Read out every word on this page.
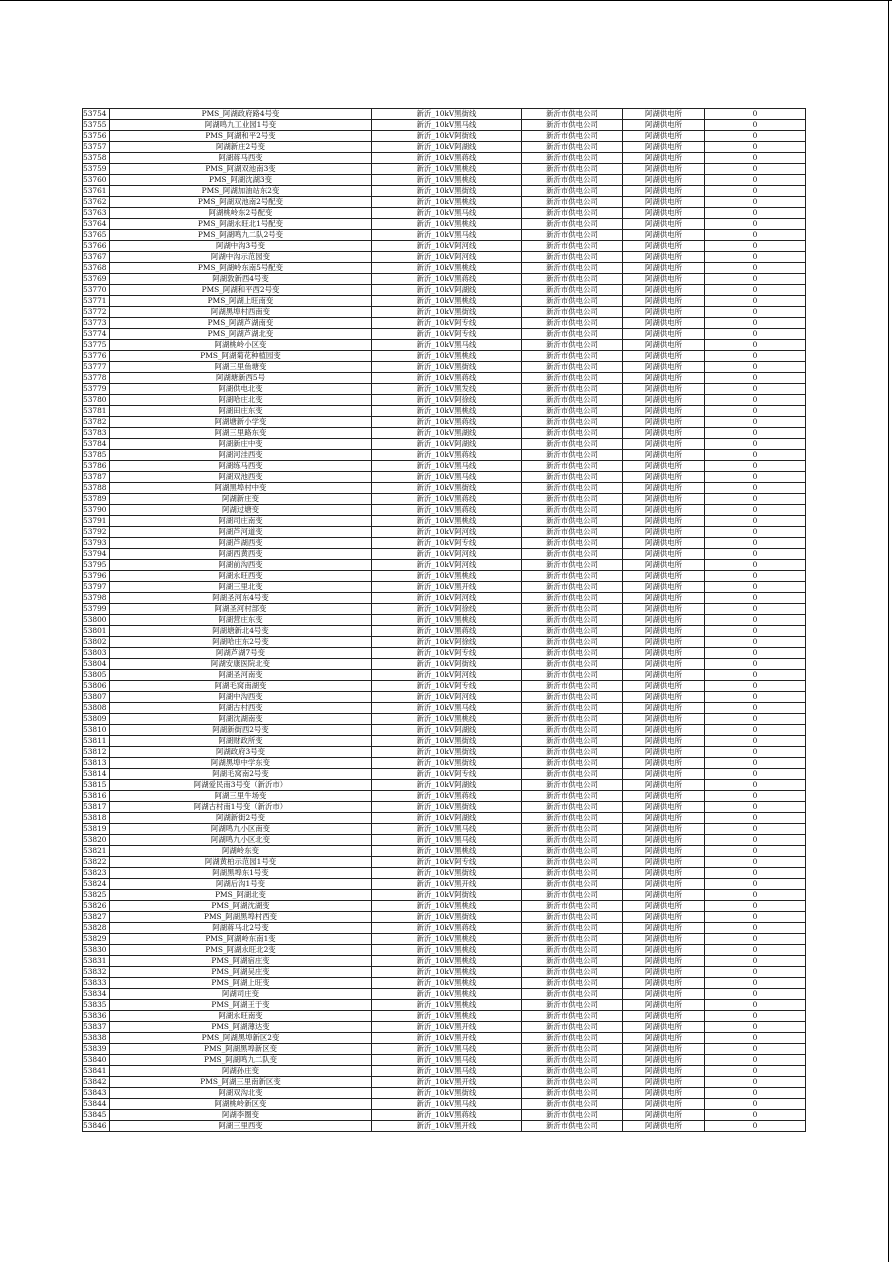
53754	PMS_阿湖政府路4号变	新沂_10kV黑街线	新沂市供电公司	阿湖供电所	0
53755	阿湖鸣九工业园1号变	新沂_10kV黑马线	新沂市供电公司	阿湖供电所	0
53756	PMS_阿湖和平2号变	新沂_10kV阿街线	新沂市供电公司	阿湖供电所	0
53757	阿湖新庄2号变	新沂_10kV阿湖线	新沂市供电公司	阿湖供电所	0
53758	阿湖蒋马西变	新沂_10kV黑蒋线	新沂市供电公司	阿湖供电所	0
53759	PMS_阿湖双池南3变	新沂_10kV黑桃线	新沂市供电公司	阿湖供电所	0
53760	PMS_阿湖沈湖3变	新沂_10kV黑桃线	新沂市供电公司	阿湖供电所	0
53761	PMS_阿湖加油站东2变	新沂_10kV黑街线	新沂市供电公司	阿湖供电所	0
53762	PMS_阿湖双池南2号配变	新沂_10kV黑桃线	新沂市供电公司	阿湖供电所	0
53763	阿湖桃岭东2号配变	新沂_10kV黑马线	新沂市供电公司	阿湖供电所	0
53764	PMS_阿湖永旺北1号配变	新沂_10kV黑桃线	新沂市供电公司	阿湖供电所	0
53765	PMS_阿湖鸣九二队2号变	新沂_10kV黑马线	新沂市供电公司	阿湖供电所	0
53766	阿湖中沟3号变	新沂_10kV阿河线	新沂市供电公司	阿湖供电所	0
53767	阿湖中沟示范园变	新沂_10kV阿河线	新沂市供电公司	阿湖供电所	0
53768	PMS_阿湖岭东南5号配变	新沂_10kV黑桃线	新沂市供电公司	阿湖供电所	0
53769	阿湖敦新西4号变	新沂_10kV黑蒋线	新沂市供电公司	阿湖供电所	0
53770	PMS_阿湖和平西2号变	新沂_10kV阿湖线	新沂市供电公司	阿湖供电所	0
53771	PMS_阿湖上旺南变	新沂_10kV黑桃线	新沂市供电公司	阿湖供电所	0
53772	阿湖黑埠村西南变	新沂_10kV黑街线	新沂市供电公司	阿湖供电所	0
53773	PMS_阿湖芦湖南变	新沂_10kV阿专线	新沂市供电公司	阿湖供电所	0
53774	PMS_阿湖芦湖北变	新沂_10kV阿专线	新沂市供电公司	阿湖供电所	0
53775	阿湖桃岭小区变	新沂_10kV黑马线	新沂市供电公司	阿湖供电所	0
53776	PMS_阿湖菊花种植园变	新沂_10kV黑桃线	新沂市供电公司	阿湖供电所	0
53777	阿湖三里鱼塘变	新沂_10kV黑街线	新沂市供电公司	阿湖供电所	0
53778	阿湖塘新西5号	新沂_10kV黑蒋线	新沂市供电公司	阿湖供电所	0
53779	阿湖供电北变	新沂_10kV黑发线	新沂市供电公司	阿湖供电所	0
53780	阿湖哈庄北变	新沂_10kV阿徐线	新沂市供电公司	阿湖供电所	0
53781	阿湖田庄东变	新沂_10kV黑桃线	新沂市供电公司	阿湖供电所	0
53782	阿湖塘新小学变	新沂_10kV黑蒋线	新沂市供电公司	阿湖供电所	0
53783	阿湖三里路东变	新沂_10kV黑湖线	新沂市供电公司	阿湖供电所	0
53784	阿湖新庄中变	新沂_10kV阿湖线	新沂市供电公司	阿湖供电所	0
53785	阿湖河洼西变	新沂_10kV黑蒋线	新沂市供电公司	阿湖供电所	0
53786	阿湖练马西变	新沂_10kV黑马线	新沂市供电公司	阿湖供电所	0
53787	阿湖双池西变	新沂_10kV黑马线	新沂市供电公司	阿湖供电所	0
53788	阿湖黑埠村中变	新沂_10kV黑街线	新沂市供电公司	阿湖供电所	0
53789	阿湖新庄变	新沂_10kV黑蒋线	新沂市供电公司	阿湖供电所	0
53790	阿湖过塘变	新沂_10kV黑蒋线	新沂市供电公司	阿湖供电所	0
53791	阿湖司庄南变	新沂_10kV黑桃线	新沂市供电公司	阿湖供电所	0
53792	阿湖芦河道变	新沂_10kV阿河线	新沂市供电公司	阿湖供电所	0
53793	阿湖芦湖西变	新沂_10kV阿专线	新沂市供电公司	阿湖供电所	0
53794	阿湖西黄西变	新沂_10kV阿河线	新沂市供电公司	阿湖供电所	0
53795	阿湖前沟西变	新沂_10kV阿河线	新沂市供电公司	阿湖供电所	0
53796	阿湖永旺西变	新沂_10kV黑桃线	新沂市供电公司	阿湖供电所	0
53797	阿湖三里北变	新沂_10kV黑开线	新沂市供电公司	阿湖供电所	0
53798	阿湖圣河东4号变	新沂_10kV阿河线	新沂市供电公司	阿湖供电所	0
53799	阿湖圣河村部变	新沂_10kV阿徐线	新沂市供电公司	阿湖供电所	0
53800	阿湖营庄东变	新沂_10kV黑桃线	新沂市供电公司	阿湖供电所	0
53801	阿湖塘新北4号变	新沂_10kV黑蒋线	新沂市供电公司	阿湖供电所	0
53802	阿湖哈庄东2号变	新沂_10kV阿徐线	新沂市供电公司	阿湖供电所	0
53803	阿湖芦湖7号变	新沂_10kV阿专线	新沂市供电公司	阿湖供电所	0
53804	阿湖安康医院北变	新沂_10kV阿街线	新沂市供电公司	阿湖供电所	0
53805	阿湖圣河南变	新沂_10kV阿河线	新沂市供电公司	阿湖供电所	0
53806	阿湖毛窝南湖变	新沂_10kV阿专线	新沂市供电公司	阿湖供电所	0
53807	阿湖中沟西变	新沂_10kV阿河线	新沂市供电公司	阿湖供电所	0
53808	阿湖古村西变	新沂_10kV黑马线	新沂市供电公司	阿湖供电所	0
53809	阿湖沈湖南变	新沂_10kV黑桃线	新沂市供电公司	阿湖供电所	0
53810	阿湖新街西2号变	新沂_10kV阿湖线	新沂市供电公司	阿湖供电所	0
53811	阿湖财政所变	新沂_10kV黑街线	新沂市供电公司	阿湖供电所	0
53812	阿湖政府3号变	新沂_10kV黑街线	新沂市供电公司	阿湖供电所	0
53813	阿湖黑埠中学东变	新沂_10kV黑街线	新沂市供电公司	阿湖供电所	0
53814	阿湖毛窝南2号变	新沂_10kV阿专线	新沂市供电公司	阿湖供电所	0
53815	阿湖爱民南3号变（新沂市）	新沂_10kV阿湖线	新沂市供电公司	阿湖供电所	0
53816	阿湖三里牛场变	新沂_10kV黑蒋线	新沂市供电公司	阿湖供电所	0
53817	阿湖古村南1号变（新沂市）	新沂_10kV黑街线	新沂市供电公司	阿湖供电所	0
53818	阿湖新街2号变	新沂_10kV阿湖线	新沂市供电公司	阿湖供电所	0
53819	阿湖鸣九小区南变	新沂_10kV黑马线	新沂市供电公司	阿湖供电所	0
53820	阿湖鸣九小区北变	新沂_10kV黑马线	新沂市供电公司	阿湖供电所	0
53821	阿湖岭东变	新沂_10kV黑桃线	新沂市供电公司	阿湖供电所	0
53822	阿湖黄柏示范园1号变	新沂_10kV阿专线	新沂市供电公司	阿湖供电所	0
53823	阿湖黑埠东1号变	新沂_10kV黑街线	新沂市供电公司	阿湖供电所	0
53824	阿湖后沟1号变	新沂_10kV黑开线	新沂市供电公司	阿湖供电所	0
53825	PMS_阿湖北变	新沂_10kV阿街线	新沂市供电公司	阿湖供电所	0
53826	PMS_阿湖沈湖变	新沂_10kV黑桃线	新沂市供电公司	阿湖供电所	0
53827	PMS_阿湖黑埠村西变	新沂_10kV黑街线	新沂市供电公司	阿湖供电所	0
53828	阿湖蒋马北2号变	新沂_10kV黑蒋线	新沂市供电公司	阿湖供电所	0
53829	PMS_阿湖岭东南1变	新沂_10kV黑桃线	新沂市供电公司	阿湖供电所	0
53830	PMS_阿湖永旺北2变	新沂_10kV黑桃线	新沂市供电公司	阿湖供电所	0
53831	PMS_阿湖宿庄变	新沂_10kV黑桃线	新沂市供电公司	阿湖供电所	0
53832	PMS_阿湖吴庄变	新沂_10kV黑桃线	新沂市供电公司	阿湖供电所	0
53833	PMS_阿湖上旺变	新沂_10kV黑桃线	新沂市供电公司	阿湖供电所	0
53834	阿湖司庄变	新沂_10kV黑桃线	新沂市供电公司	阿湖供电所	0
53835	PMS_阿湖王于变	新沂_10kV黑桃线	新沂市供电公司	阿湖供电所	0
53836	阿湖永旺南变	新沂_10kV黑桃线	新沂市供电公司	阿湖供电所	0
53837	PMS_阿湖薄达变	新沂_10kV黑开线	新沂市供电公司	阿湖供电所	0
53838	PMS_阿湖黑埠新区2变	新沂_10kV黑开线	新沂市供电公司	阿湖供电所	0
53839	PMS_阿湖黑埠新区变	新沂_10kV黑马线	新沂市供电公司	阿湖供电所	0
53840	PMS_阿湖鸣九二队变	新沂_10kV黑马线	新沂市供电公司	阿湖供电所	0
53841	阿湖孙庄变	新沂_10kV黑马线	新沂市供电公司	阿湖供电所	0
53842	PMS_阿湖三里南新区变	新沂_10kV黑开线	新沂市供电公司	阿湖供电所	0
53843	阿湖双沟北变	新沂_10kV黑街线	新沂市供电公司	阿湖供电所	0
53844	阿湖桃岭新区变	新沂_10kV黑马线	新沂市供电公司	阿湖供电所	0
53845	阿湖李圈变	新沂_10kV黑蒋线	新沂市供电公司	阿湖供电所	0
53846	阿湖三里西变	新沂_10kV黑开线	新沂市供电公司	阿湖供电所	0
